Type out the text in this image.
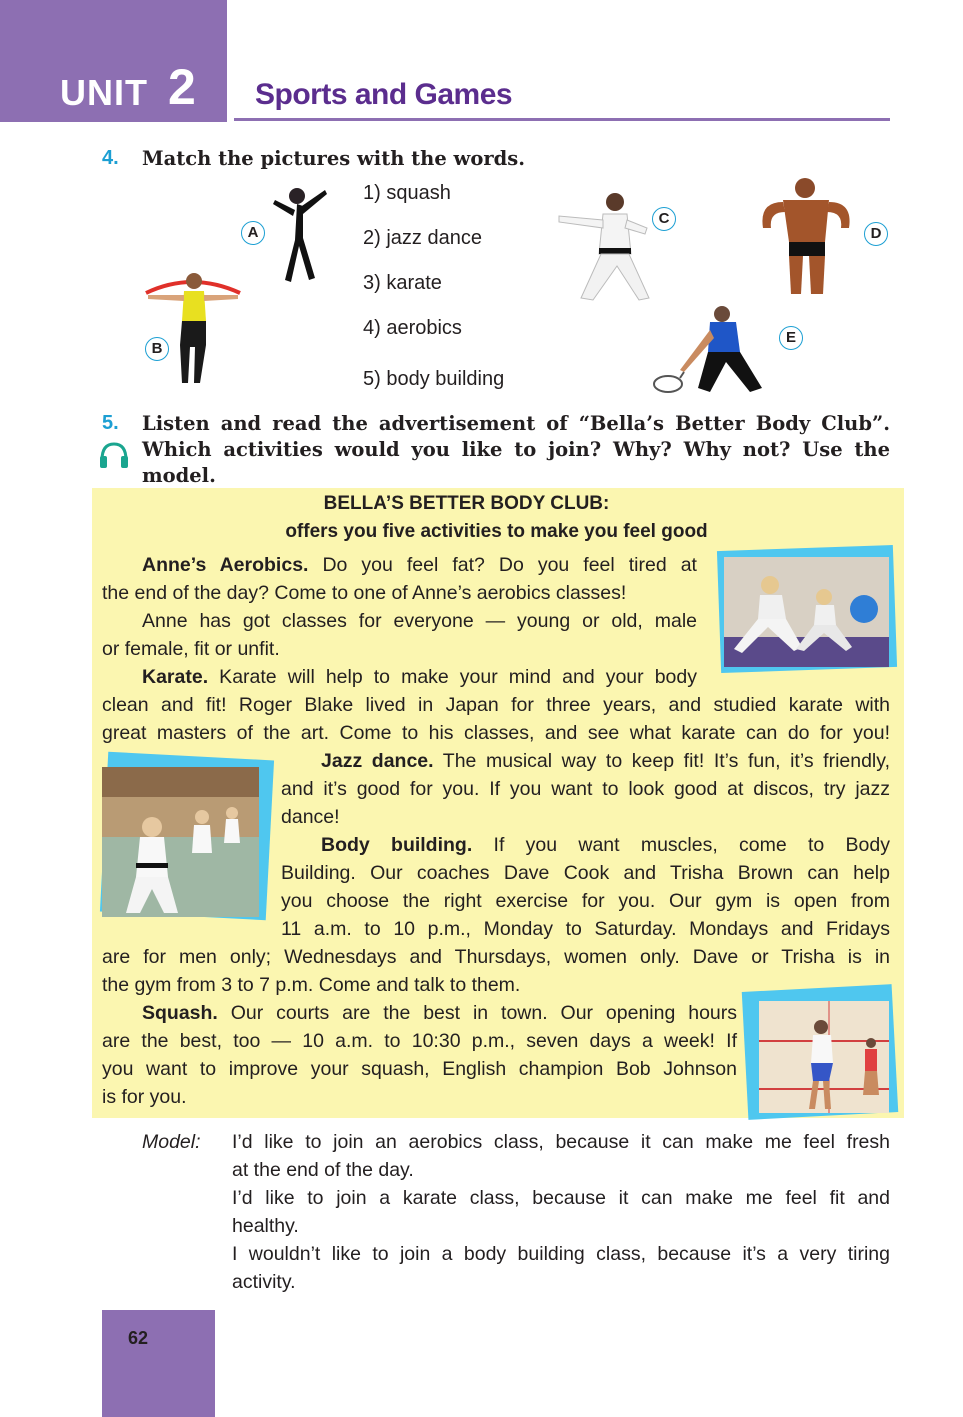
UNIT 2 Sports and Games
4. Match the pictures with the words.
A
B
1) squash
2) jazz dance
3) karate
4) aerobics
5) body building
C
D
E
5. Listen and read the advertisement of “Bella’s Better Body Club”.
Which activities would you like to join? Why? Why not? Use the
model.
BELLA’S BETTER BODY CLUB:
offers you five activities to make you feel good
Anne’s Aerobics. Do you feel fat? Do you feel tired at
the end of the day? Come to one of Anne’s aerobics classes!
Anne has got classes for everyone — young or old, male
or female, fit or unfit.
Karate. Karate will help to make your mind and your body
clean and fit! Roger Blake lived in Japan for three years, and studied karate with
great masters of the art. Come to his classes, and see what karate can do for you!
Jazz dance. The musical way to keep fit! It’s fun, it’s friendly,
and it’s good for you. If you want to look good at discos, try jazz
dance!
Body building. If you want muscles, come to Body
Building. Our coaches Dave Cook and Trisha Brown can help
you choose the right exercise for you. Our gym is open from
11 a.m. to 10 p.m., Monday to Saturday. Mondays and Fridays
are for men only; Wednesdays and Thursdays, women only. Dave or Trisha is in
the gym from 3 to 7 p.m. Come and talk to them.
Squash. Our courts are the best in town. Our opening hours
are the best, too — 10 a.m. to 10:30 p.m., seven days a week! If
you want to improve your squash, English champion Bob Johnson
is for you.
Model: I’d like to join an aerobics class, because it can make me feel fresh
at the end of the day.
I’d like to join a karate class, because it can make me feel fit and
healthy.
I wouldn’t like to join a body building class, because it’s a very tiring
activity.
62
